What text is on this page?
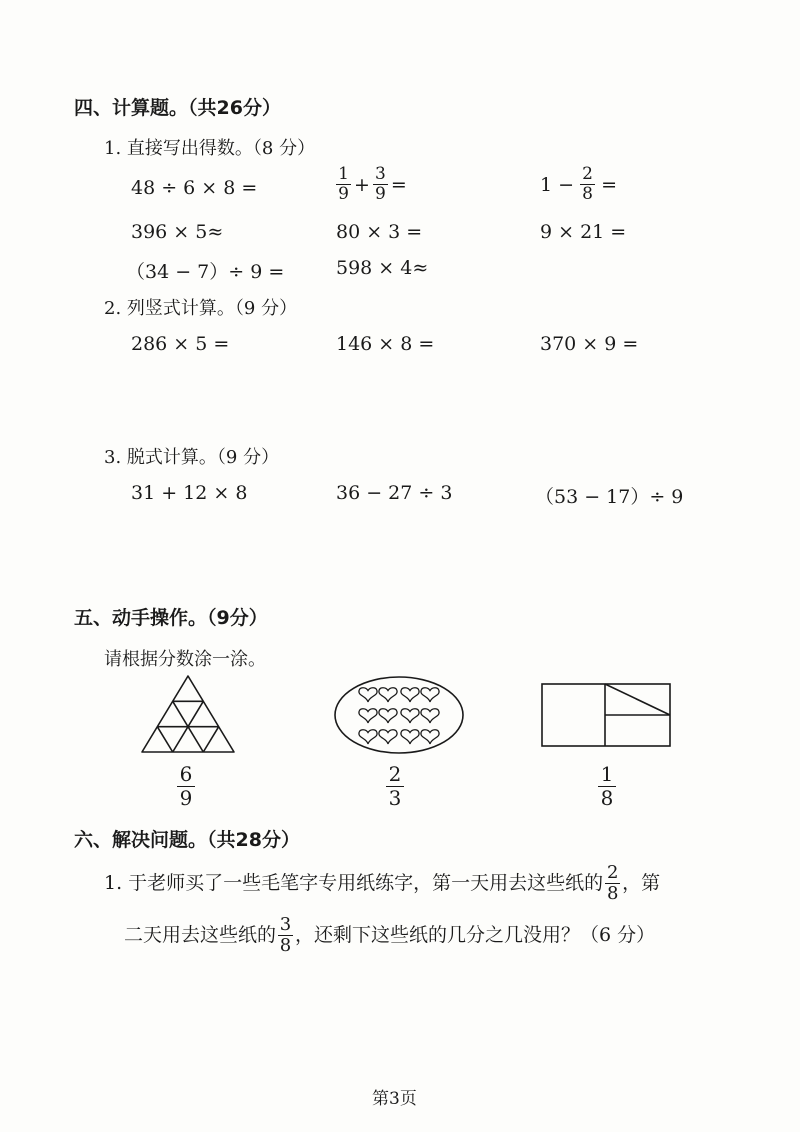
四、计算题。（共26分）
1. 直接写出得数。（8 分）
48 ÷ 6 × 8 =	$\frac{1}{9} + \frac{3}{9}$ =	$1 - \frac{2}{8}$ =
396 × 5≈	80 × 3 =	9 × 21 =
（34 − 7）÷ 9 =	598 × 4≈
2. 列竖式计算。（9 分）
286 × 5 =	146 × 8 =	370 × 9 =
3. 脱式计算。（9 分）
31 + 12 × 8	36 − 27 ÷ 3	（53 − 17）÷ 9
五、动手操作。（9分）
请根据分数涂一涂。
6
9
2
3
1
8
六、解决问题。（共28分）
1. 于老师买了一些毛笔字专用纸练字，第一天用去这些纸的 $\frac{2}{8}$ ，第
二天用去这些纸的 $\frac{3}{8}$ ，还剩下这些纸的几分之几没用？（6 分）
第3页
